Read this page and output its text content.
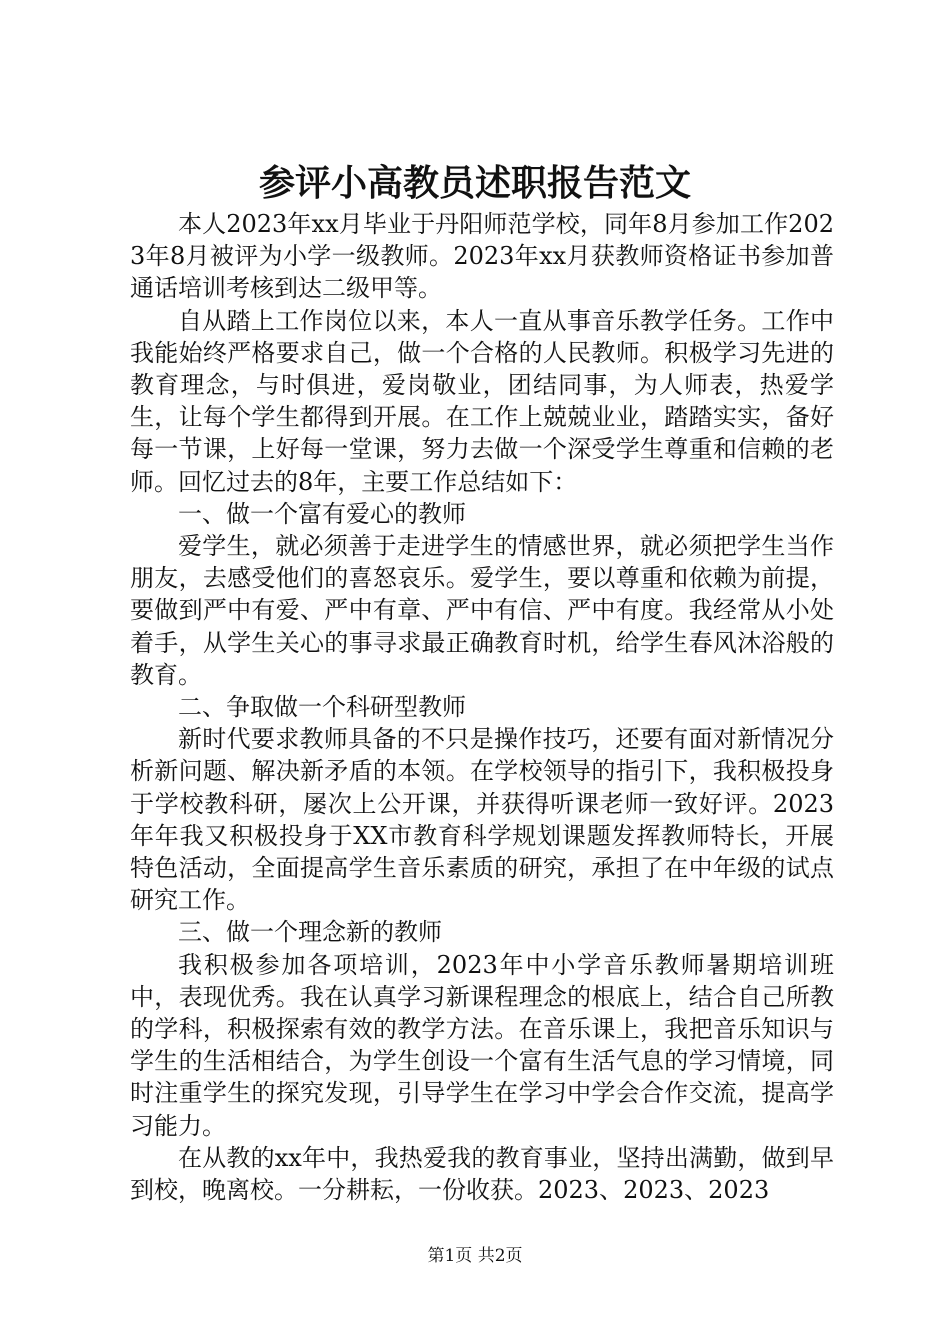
参评小高教员述职报告范文

本人2023年xx月毕业于丹阳师范学校，同年8月参加工作2023年8月被评为小学一级教师。2023年xx月获教师资格证书参加普通话培训考核到达二级甲等。

自从踏上工作岗位以来，本人一直从事音乐教学任务。工作中我能始终严格要求自己，做一个合格的人民教师。积极学习先进的教育理念，与时俱进，爱岗敬业，团结同事，为人师表，热爱学生，让每个学生都得到开展。在工作上兢兢业业，踏踏实实，备好每一节课，上好每一堂课，努力去做一个深受学生尊重和信赖的老师。回忆过去的8年，主要工作总结如下：

一、做一个富有爱心的教师

爱学生，就必须善于走进学生的情感世界，就必须把学生当作朋友，去感受他们的喜怒哀乐。爱学生，要以尊重和依赖为前提，要做到严中有爱、严中有章、严中有信、严中有度。我经常从小处着手，从学生关心的事寻求最正确教育时机，给学生春风沐浴般的教育。

二、争取做一个科研型教师

新时代要求教师具备的不只是操作技巧，还要有面对新情况分析新问题、解决新矛盾的本领。在学校领导的指引下，我积极投身于学校教科研，屡次上公开课，并获得听课老师一致好评。2023年年我又积极投身于XX市教育科学规划课题发挥教师特长，开展特色活动，全面提高学生音乐素质的研究，承担了在中年级的试点研究工作。

三、做一个理念新的教师

我积极参加各项培训，2023年中小学音乐教师暑期培训班中，表现优秀。我在认真学习新课程理念的根底上，结合自己所教的学科，积极探索有效的教学方法。在音乐课上，我把音乐知识与学生的生活相结合，为学生创设一个富有生活气息的学习情境，同时注重学生的探究发现，引导学生在学习中学会合作交流，提高学习能力。

在从教的xx年中，我热爱我的教育事业，坚持出满勤，做到早到校，晚离校。一分耕耘，一份收获。2023、2023、2023

第1页 共2页
